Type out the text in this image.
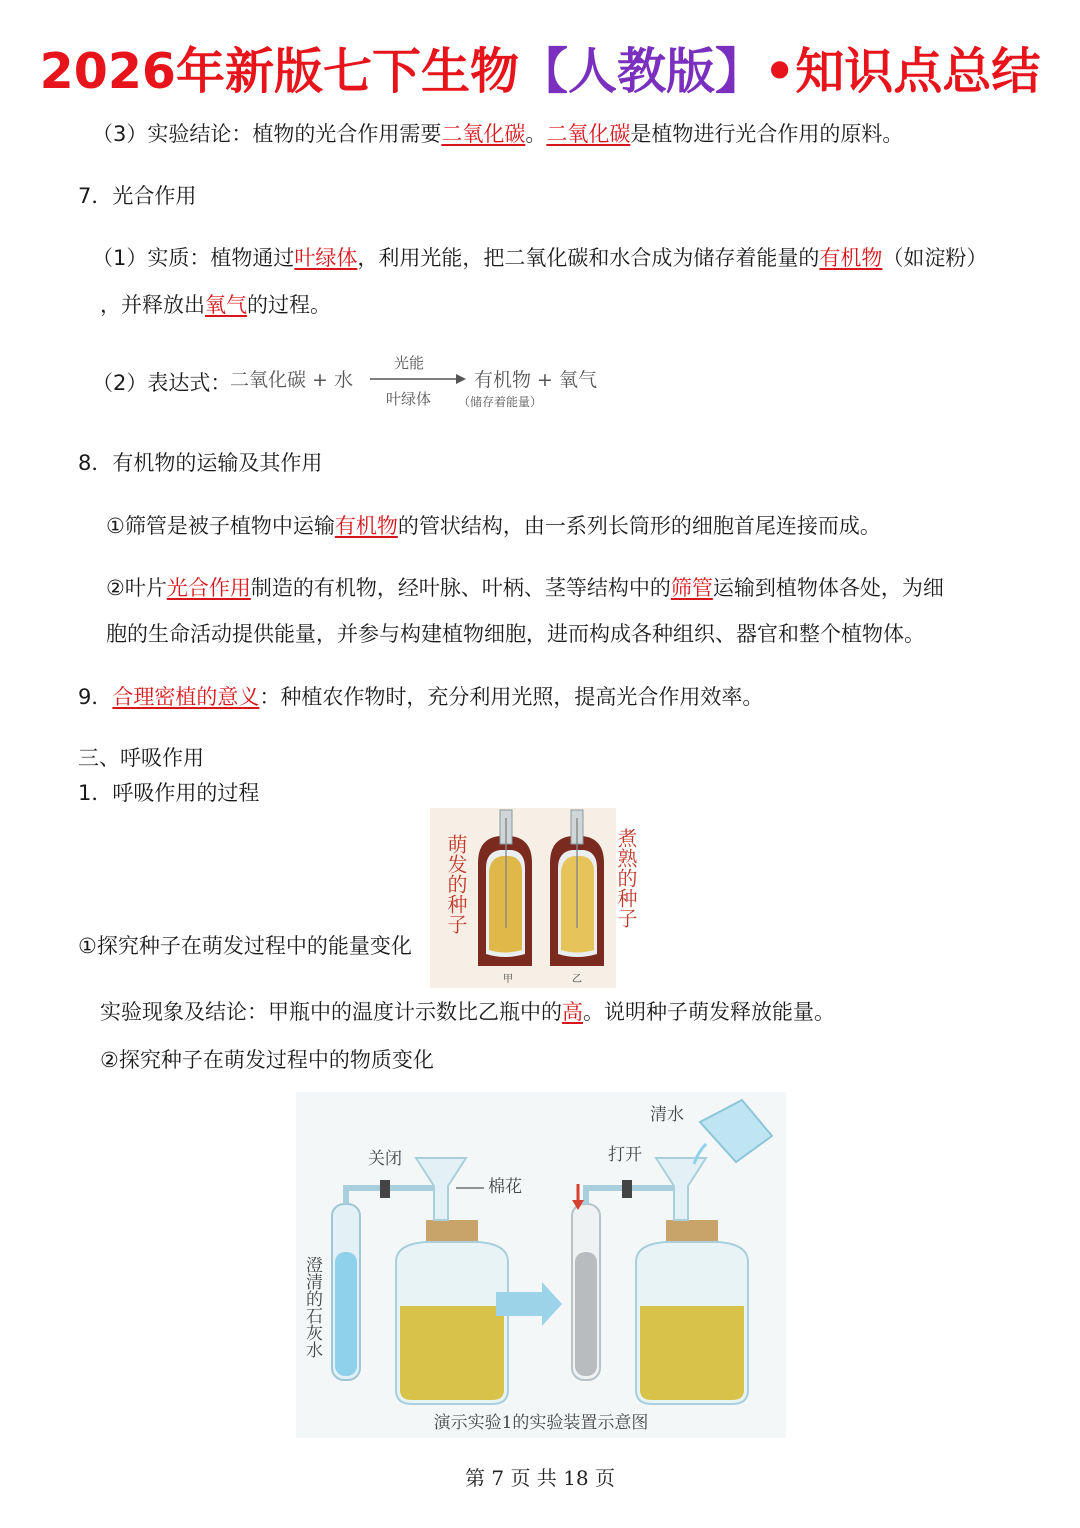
2026年新版七下生物【人教版】•知识点总结
（3）实验结论：植物的光合作用需要二氧化碳。二氧化碳是植物进行光合作用的原料。
7．光合作用
（1）实质：植物通过叶绿体，利用光能，把二氧化碳和水合成为储存着能量的有机物（如淀粉）
，并释放出氧气的过程。
（2）表达式：
二氧化碳 + 水
光能
叶绿体
有机物 + 氧气
（储存着能量）
8．有机物的运输及其作用
①筛管是被子植物中运输有机物的管状结构，由一系列长筒形的细胞首尾连接而成。
②叶片光合作用制造的有机物，经叶脉、叶柄、茎等结构中的筛管运输到植物体各处，为细
胞的生命活动提供能量，并参与构建植物细胞，进而构成各种组织、器官和整个植物体。
9．合理密植的意义：种植农作物时，充分利用光照，提高光合作用效率。
三、呼吸作用
1．呼吸作用的过程
①探究种子在萌发过程中的能量变化
甲	乙
萌发的种子	煮熟的种子
实验现象及结论：甲瓶中的温度计示数比乙瓶中的高。说明种子萌发释放能量。
②探究种子在萌发过程中的物质变化
关闭
棉花
打开
清水
演示实验1的实验装置示意图
澄清的石灰水
第 7 页 共 18 页
